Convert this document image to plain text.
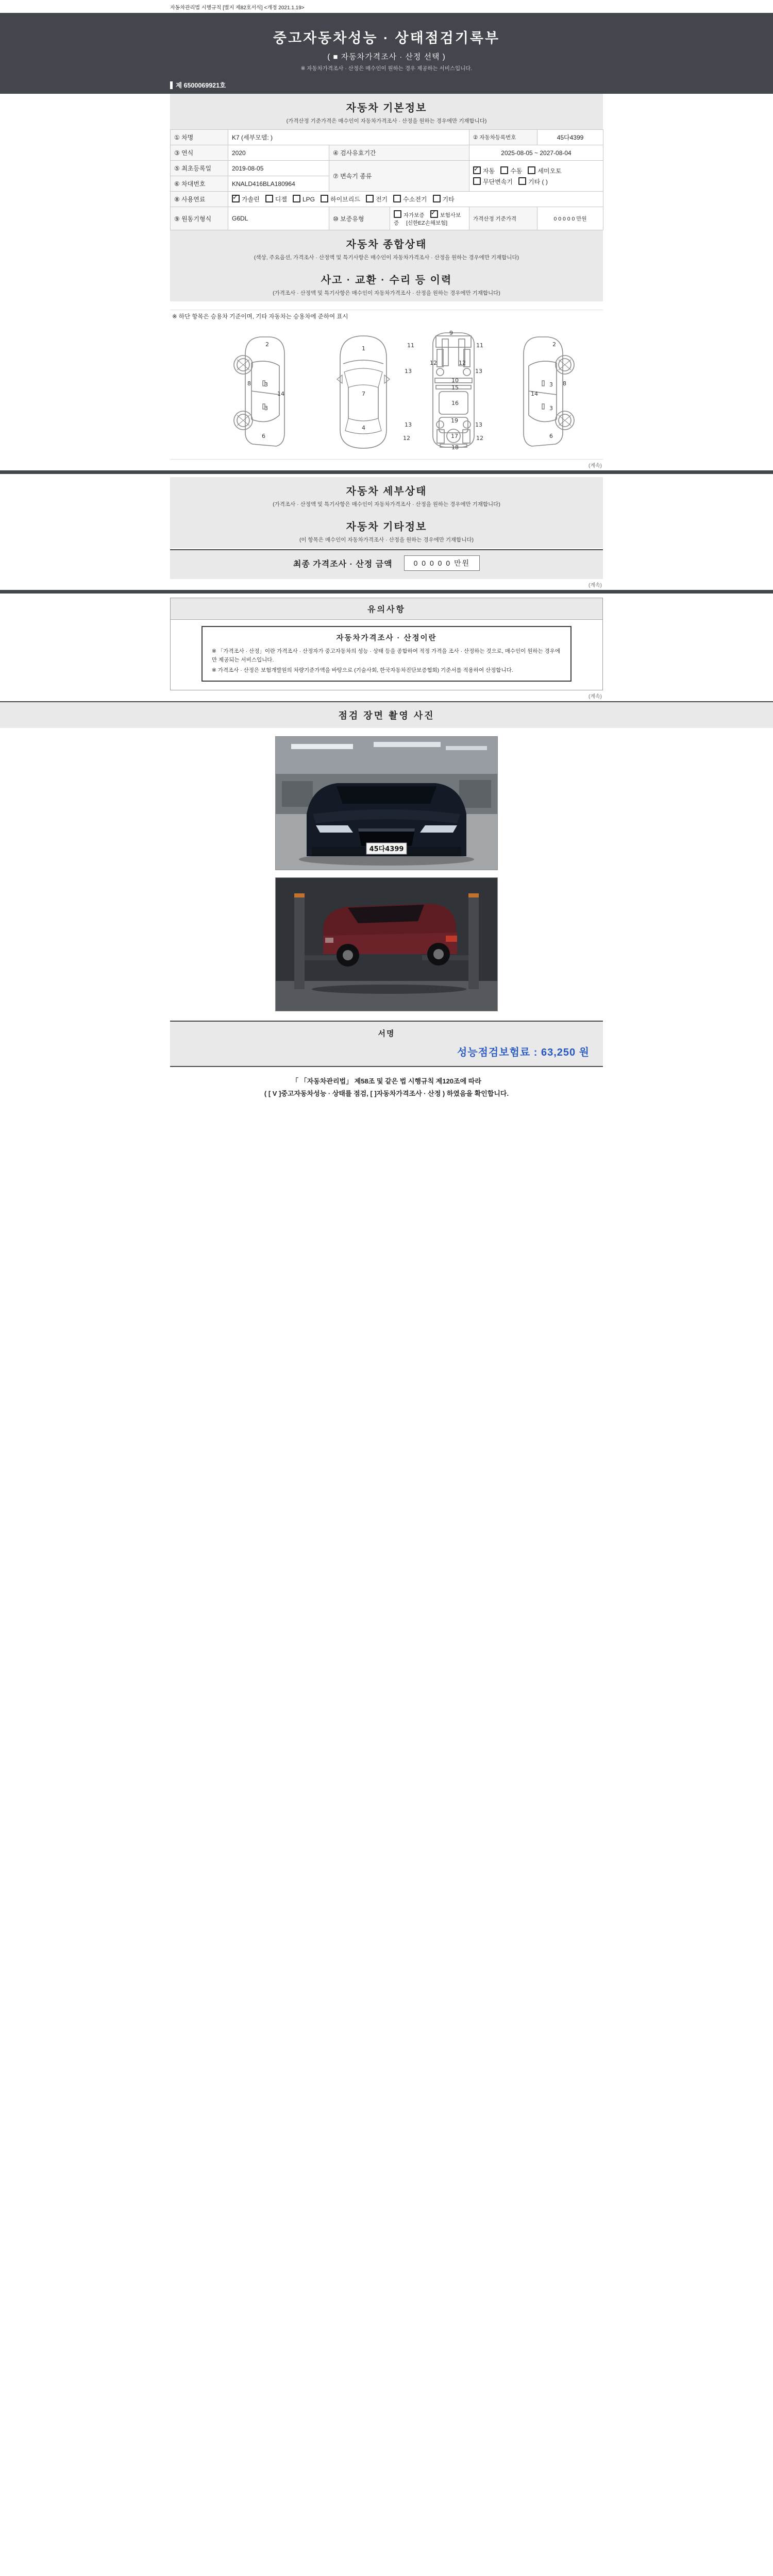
자동차관리법 시행규칙 [별지 제82호서식] <개정 2021.1.19>
중고자동차성능 · 상태점검기록부
( ■ 자동차가격조사 · 산정 선택 )
※ 자동차가격조사 · 산정은 매수인이 원하는 경우 제공하는 서비스입니다.
제 6500069921호
자동차 기본정보
(가격산정 기준가격은 매수인이 자동차가격조사 · 산정을 원하는 경우에만 기재합니다)
① 차명	K7 (세부모델: )			② 자동차등록번호	45다4399
③ 연식	2020	④ 검사유효기간		2025-08-05 ~ 2027-08-04	
⑤ 최초등록일	2019-08-05	⑦ 변속기 종류	
✓자동 수동 세미오토
무단변속기 기타 ( )

⑥ 차대번호	KNALD416BLA180964				
⑧ 사용연료	✓가솔린 디젤 LPG 하이브리드 전기 수소전기 기타
⑨ 원동기형식	G6DL	⑩ 보증유형	자가보증 ✓ 보험사보증 [신한EZ손해보험]	가격산정 기준가격	0 0 0 0 0 만원
자동차 종합상태
(색상, 주요옵션, 가격조사 · 산정액 및 특기사항은 매수인이 자동차가격조사 · 산정을 원하는 경우에만 기재합니다)
사고 · 교환 · 수리 등 이력
(가격조사 · 산정액 및 특기사항은 매수인이 자동차가격조사 · 산정을 원하는 경우에만 기재합니다)
※ 하단 항목은 승용차 기준이며, 기타 자동차는 승용차에 준하여 표시
2
8 3
14
3
6
1
7
4
11	11
13	13
12	12
10
15
16
13	13
12	12
17
18
19
9
2
8
3
14
3
6
(계속)
자동차 세부상태
(가격조사 · 산정액 및 특기사항은 매수인이 자동차가격조사 · 산정을 원하는 경우에만 기재합니다)
자동차 기타정보
(이 항목은 매수인이 자동차가격조사 · 산정을 원하는 경우에만 기재합니다)
최종 가격조사 · 산정 금액	0 0 0 0 0 만원
(계속)
유의사항
자동차가격조사 · 산정이란
※ 「가격조사 · 산정」이란 가격조사 · 산정자가 중고자동차의 성능 · 상태 등을 종합하여 적정 가격을 조사 · 산정하는 것으로, 매수인이 원하는 경우에만 제공되는 서비스입니다.
※ 가격조사 · 산정은 보험개발원의 차량기준가액을 바탕으로 (기술사회, 한국자동차진단보증협회) 기준서를 적용하여 산정합니다.
(계속)
점검 장면 촬영 사진
45다4399
서명
성능점검보험료 : 63,250 원
「 「자동차관리법」 제58조 및 같은 법 시행규칙 제120조에 따라
( [ V ]중고자동차성능 · 상태를 점검, [ ]자동차가격조사 · 산정 ) 하였음을 확인합니다.
